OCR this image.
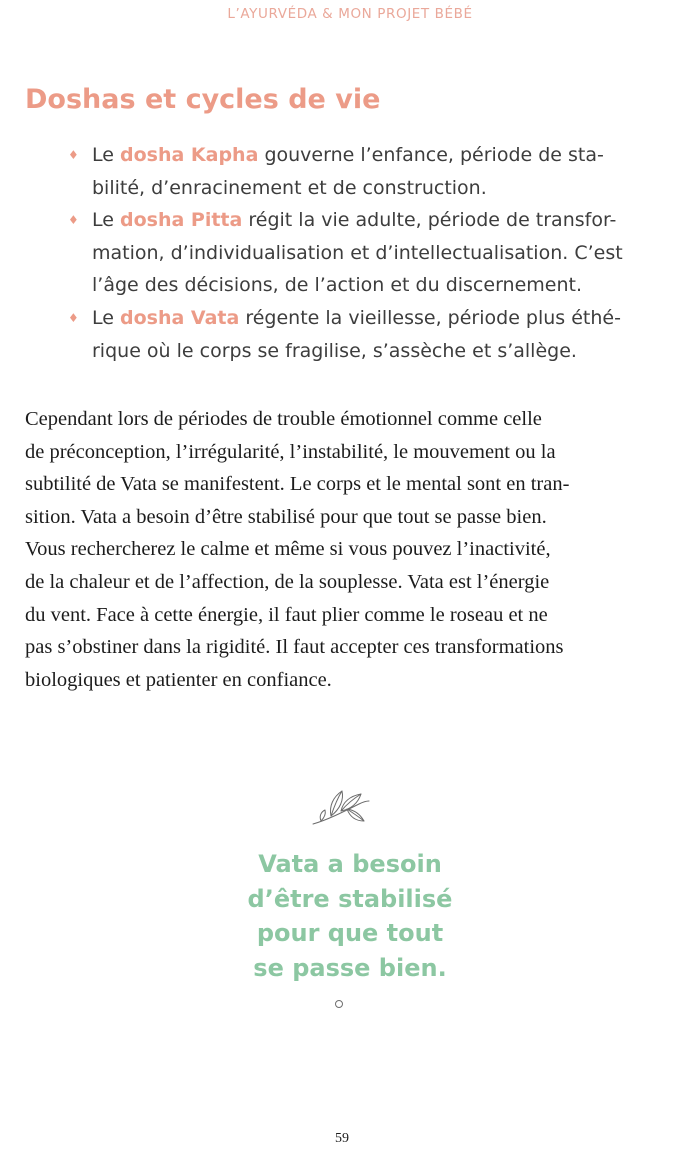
L’AYURVÉDA & MON PROJET BÉBÉ
Doshas et cycles de vie
♦ Le dosha Kapha gouverne l’enfance, période de sta-
bilité, d’enracinement et de construction.
♦ Le dosha Pitta régit la vie adulte, période de transfor-
mation, d’individualisation et d’intellectualisation. C’est
l’âge des décisions, de l’action et du discernement.
♦ Le dosha Vata régente la vieillesse, période plus éthé-
rique où le corps se fragilise, s’assèche et s’allège.

Cependant lors de périodes de trouble émotionnel comme celle
de préconception, l’irrégularité, l’instabilité, le mouvement ou la
subtilité de Vata se manifestent. Le corps et le mental sont en tran-
sition. Vata a besoin d’être stabilisé pour que tout se passe bien.
Vous rechercherez le calme et même si vous pouvez l’inactivité,
de la chaleur et de l’affection, de la souplesse. Vata est l’énergie
du vent. Face à cette énergie, il faut plier comme le roseau et ne
pas s’obstiner dans la rigidité. Il faut accepter ces transformations
biologiques et patienter en confiance.

Vata a besoin
d’être stabilisé
pour que tout
se passe bien.
59
